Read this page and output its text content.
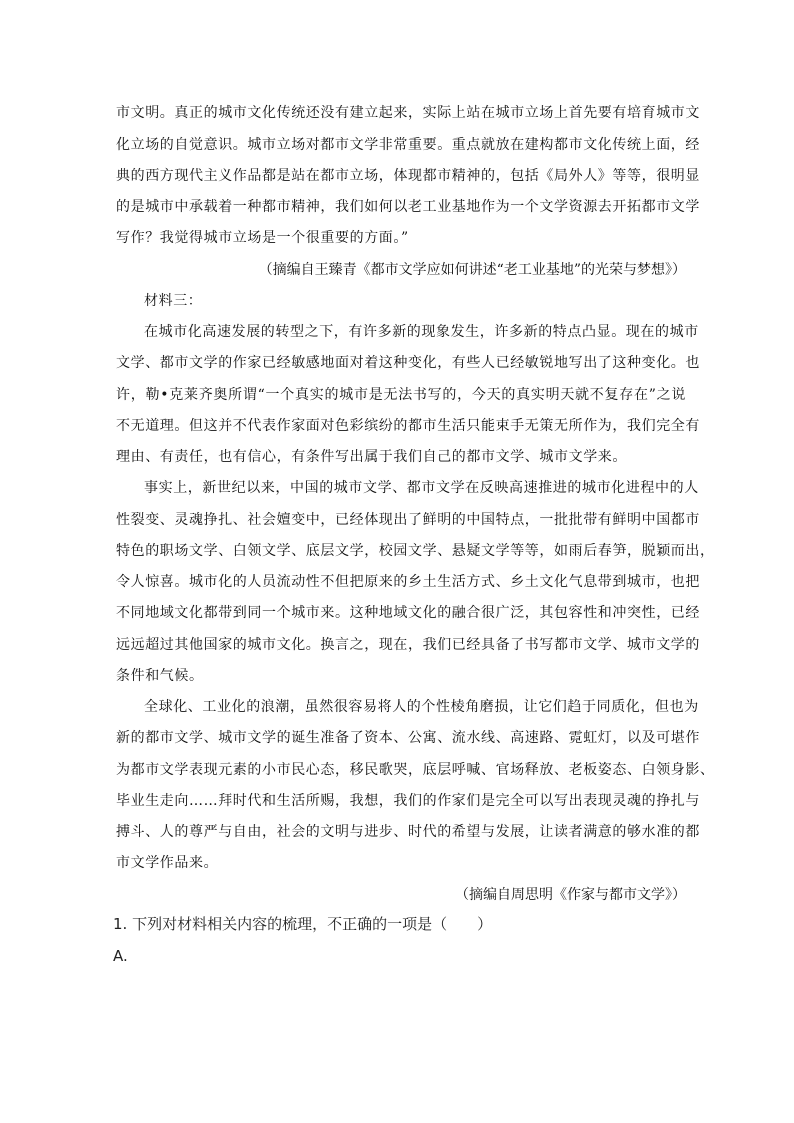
市文明。真正的城市文化传统还没有建立起来，实际上站在城市立场上首先要有培育城市文
化立场的自觉意识。城市立场对都市文学非常重要。重点就放在建构都市文化传统上面，经
典的西方现代主义作品都是站在都市立场，体现都市精神的，包括《局外人》等等，很明显
的是城市中承载着一种都市精神，我们如何以老工业基地作为一个文学资源去开拓都市文学
写作？我觉得城市立场是一个很重要的方面。”
（摘编自王臻青《都市文学应如何讲述“老工业基地”的光荣与梦想》）
材料三：
在城市化高速发展的转型之下，有许多新的现象发生，许多新的特点凸显。现在的城市
文学、都市文学的作家已经敏感地面对着这种变化，有些人已经敏锐地写出了这种变化。也
许，勒•克莱齐奥所谓“一个真实的城市是无法书写的，今天的真实明天就不复存在”之说
不无道理。但这并不代表作家面对色彩缤纷的都市生活只能束手无策无所作为，我们完全有
理由、有责任，也有信心，有条件写出属于我们自己的都市文学、城市文学来。
事实上，新世纪以来，中国的城市文学、都市文学在反映高速推进的城市化进程中的人
性裂变、灵魂挣扎、社会嬗变中，已经体现出了鲜明的中国特点，一批批带有鲜明中国都市
特色的职场文学、白领文学、底层文学，校园文学、悬疑文学等等，如雨后春笋，脱颖而出，
令人惊喜。城市化的人员流动性不但把原来的乡土生活方式、乡土文化气息带到城市，也把
不同地域文化都带到同一个城市来。这种地域文化的融合很广泛，其包容性和冲突性，已经
远远超过其他国家的城市文化。换言之，现在，我们已经具备了书写都市文学、城市文学的
条件和气候。
全球化、工业化的浪潮，虽然很容易将人的个性棱角磨损，让它们趋于同质化，但也为
新的都市文学、城市文学的诞生准备了资本、公寓、流水线、高速路、霓虹灯，以及可堪作
为都市文学表现元素的小市民心态，移民歌哭，底层呼喊、官场释放、老板姿态、白领身影、
毕业生走向……拜时代和生活所赐，我想，我们的作家们是完全可以写出表现灵魂的挣扎与
搏斗、人的尊严与自由，社会的文明与进步、时代的希望与发展，让读者满意的够水准的都
市文学作品来。
（摘编自周思明《作家与都市文学》）
1. 下列对材料相关内容的梳理，不正确的一项是（　　）
A.
